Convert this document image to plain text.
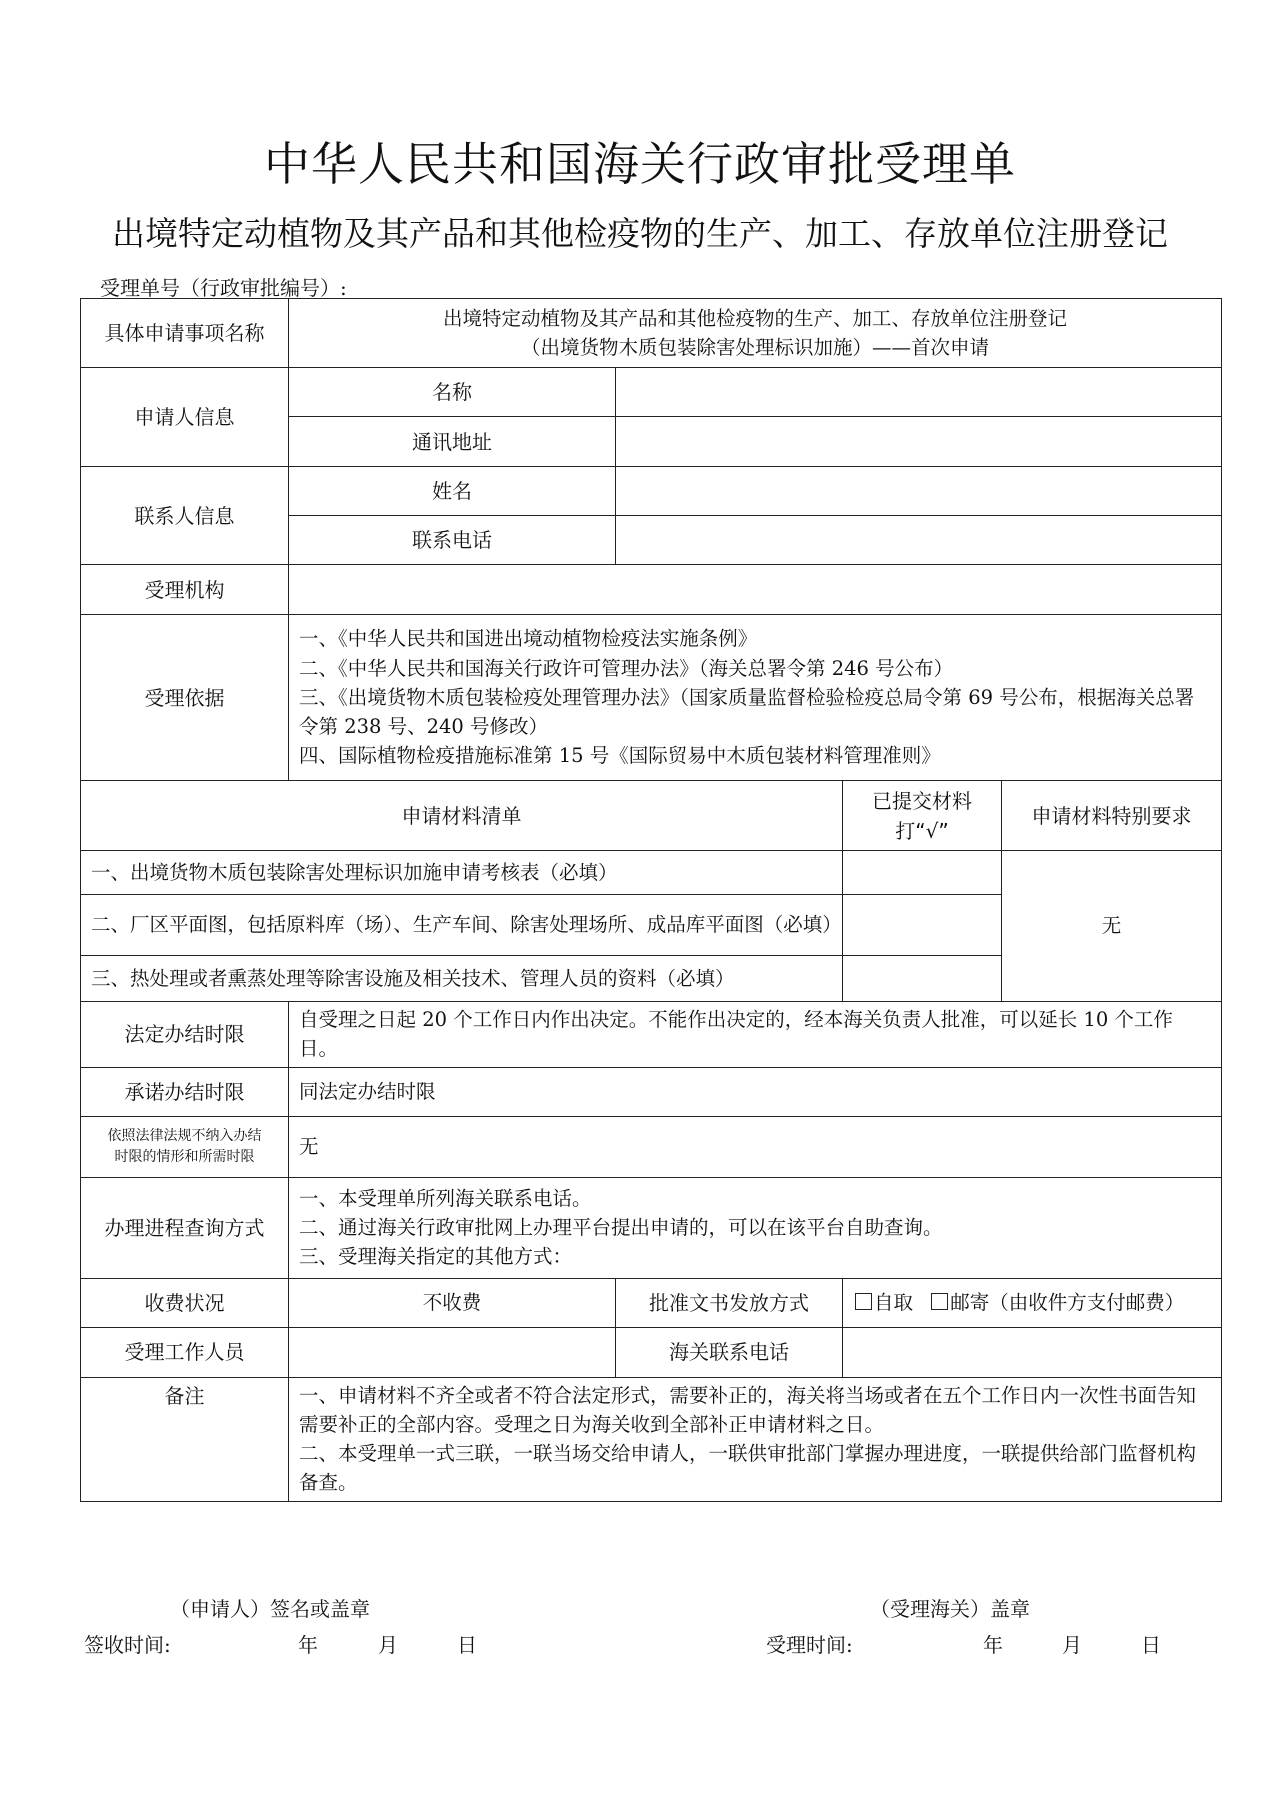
中华人民共和国海关行政审批受理单
出境特定动植物及其产品和其他检疫物的生产、加工、存放单位注册登记
受理单号（行政审批编号）:
具体申请事项名称	出境特定动植物及其产品和其他检疫物的生产、加工、存放单位注册登记
（出境货物木质包装除害处理标识加施）——首次申请			

申请人信息	名称			
	通讯地址			
联系人信息	姓名			
	联系电话			
受理机构				
受理依据	一、《中华人民共和国进出境动植物检疫法实施条例》
二、《中华人民共和国海关行政许可管理办法》（海关总署令第 246 号公布）
三、《出境货物木质包装检疫处理管理办法》（国家质量监督检验检疫总局令第 69 号公布，根据海关总署令第 238 号、240 号修改）
四、国际植物检疫措施标准第 15 号《国际贸易中木质包装材料管理准则》			

申请材料清单			已提交材料打“√”	申请材料特别要求
一、出境货物木质包装除害处理标识加施申请考核表（必填）				无
二、厂区平面图，包括原料库（场）、生产车间、除害处理场所、成品库平面图（必填）				
三、热处理或者熏蒸处理等除害设施及相关技术、管理人员的资料（必填）				
法定办结时限	自受理之日起 20 个工作日内作出决定。不能作出决定的，经本海关负责人批准，可以延长 10 个工作日。			
承诺办结时限	同法定办结时限			

依照法律法规不纳入办结
时限的情形和所需时限	无			
办理进程查询方式	一、本受理单所列海关联系电话。
二、通过海关行政审批网上办理平台提出申请的，可以在该平台自助查询。
三、受理海关指定的其他方式：			

收费状况	不收费	批准文书发放方式	自取 邮寄（由收件方支付邮费）	
受理工作人员		海关联系电话		
备注	一、申请材料不齐全或者不符合法定形式，需要补正的，海关将当场或者在五个工作日内一次性书面告知需要补正的全部内容。受理之日为海关收到全部补正申请材料之日。
二、本受理单一式三联，一联当场交给申请人，一联供审批部门掌握办理进度，一联提供给部门监督机构备查。			
（申请人）签名或盖章	（受理海关）盖章
签收时间:	年	月	日	受理时间:	年	月	日
